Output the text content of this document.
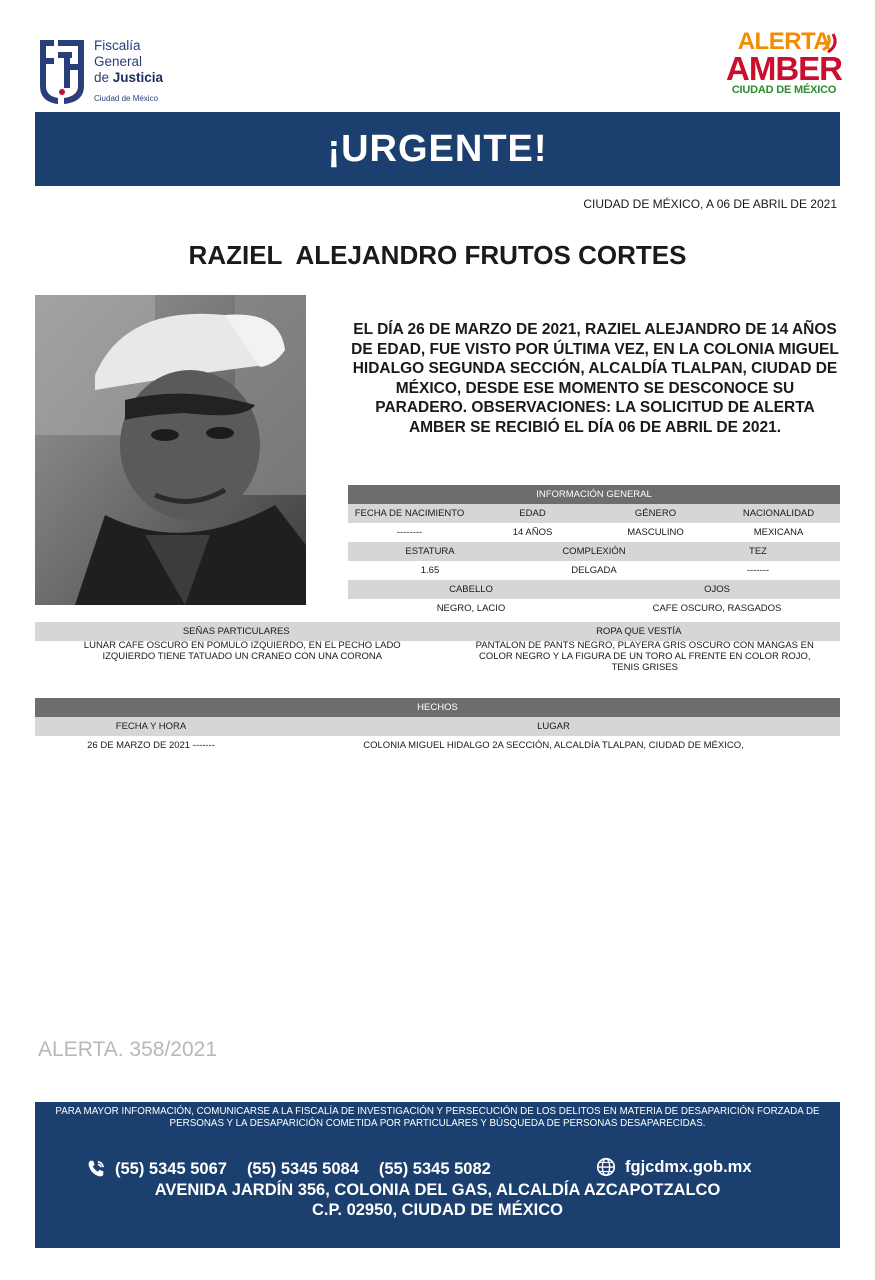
Fiscalía
General
de Justicia
Ciudad de México
ALERTA
AMBER
CIUDAD DE MÉXICO
¡URGENTE!
CIUDAD DE MÉXICO, A 06 DE ABRIL DE 2021
RAZIEL  ALEJANDRO FRUTOS CORTES
EL DÍA 26 DE MARZO DE 2021, RAZIEL ALEJANDRO DE 14 AÑOS DE EDAD, FUE VISTO POR ÚLTIMA VEZ, EN LA COLONIA MIGUEL HIDALGO SEGUNDA SECCIÓN, ALCALDÍA TLALPAN, CIUDAD DE MÉXICO, DESDE ESE MOMENTO SE DESCONOCE SU PARADERO. OBSERVACIONES: LA SOLICITUD DE ALERTA AMBER SE RECIBIÓ EL DÍA 06 DE ABRIL DE 2021.
INFORMACIÓN GENERAL
FECHA DE NACIMIENTO	EDAD	GÉNERO	NACIONALIDAD
--------	14 AÑOS	MASCULINO	MEXICANA
ESTATURA	COMPLEXIÓN	TEZ
1.65	DELGADA	-------
CABELLO	OJOS
NEGRO, LACIO	CAFE OSCURO, RASGADOS
SEÑAS PARTICULARES	ROPA QUE VESTÍA
LUNAR CAFE OSCURO EN POMULO IZQUIERDO, EN EL PECHO LADO IZQUIERDO TIENE TATUADO UN CRANEO CON UNA CORONA
PANTALON DE PANTS NEGRO, PLAYERA GRIS OSCURO CON MANGAS EN COLOR NEGRO Y LA FIGURA DE UN TORO AL FRENTE EN COLOR ROJO, TENIS GRISES
HECHOS
FECHA Y HORA	LUGAR
26 DE MARZO DE 2021 -------	COLONIA MIGUEL HIDALGO 2A SECCIÓN, ALCALDÍA TLALPAN, CIUDAD DE MÉXICO,
ALERTA. 358/2021
PARA MAYOR INFORMACIÓN, COMUNICARSE A LA FISCALÍA DE INVESTIGACIÓN Y PERSECUCIÓN DE LOS DELITOS EN MATERIA DE DESAPARICIÓN FORZADA DE PERSONAS Y LA DESAPARICIÓN COMETIDA POR PARTICULARES Y BÚSQUEDA DE PERSONAS DESAPARECIDAS.
(55) 5345 5067 (55) 5345 5084 (55) 5345 5082	fgjcdmx.gob.mx
AVENIDA JARDÍN 356, COLONIA DEL GAS, ALCALDÍA AZCAPOTZALCO
C.P. 02950, CIUDAD DE MÉXICO
